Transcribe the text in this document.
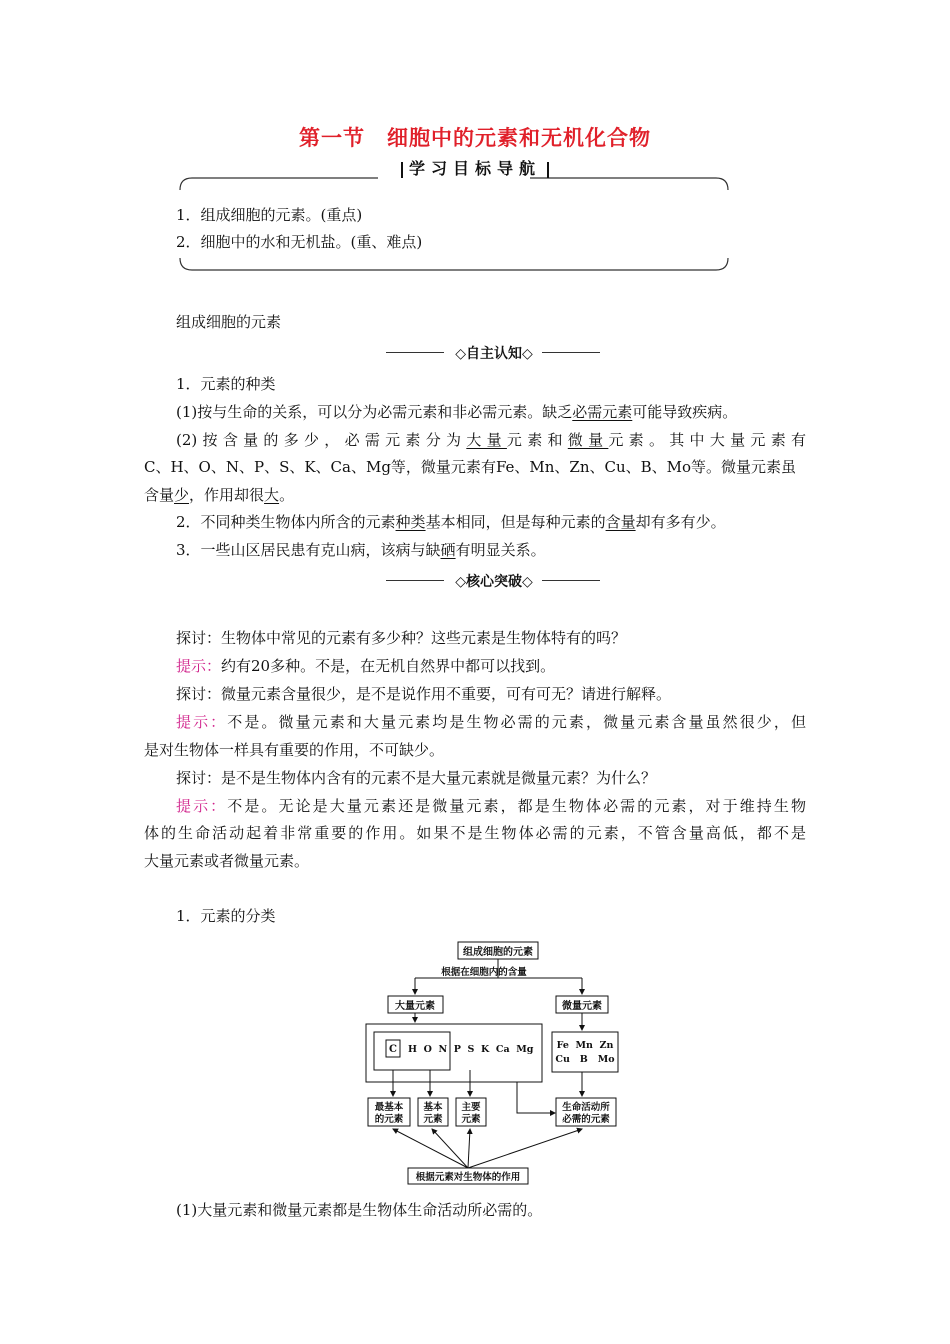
第一节 细胞中的元素和无机化合物
学习目标导航
1．组成细胞的元素。(重点)
2．细胞中的水和无机盐。(重、难点)
组成细胞的元素
◇自主认知◇
1．元素的种类
(1)按与生命的关系，可以分为必需元素和非必需元素。缺乏必需元素可能导致疾病。
(2)按含量的多少，必需元素分为大量元素和微量元素。其中大量元素有
C、H、O、N、P、S、K、Ca、Mg等，微量元素有Fe、Mn、Zn、Cu、B、Mo等。微量元素虽
含量少，作用却很大。
2．不同种类生物体内所含的元素种类基本相同，但是每种元素的含量却有多有少。
3．一些山区居民患有克山病，该病与缺硒有明显关系。
◇核心突破◇
探讨：生物体中常见的元素有多少种？这些元素是生物体特有的吗？
提示：约有20多种。不是，在无机自然界中都可以找到。
探讨：微量元素含量很少，是不是说作用不重要，可有可无？请进行解释。
提示：不是。微量元素和大量元素均是生物必需的元素，微量元素含量虽然很少，但
是对生物体一样具有重要的作用，不可缺少。
探讨：是不是生物体内含有的元素不是大量元素就是微量元素？为什么？
提示：不是。无论是大量元素还是微量元素，都是生物体必需的元素，对于维持生物
体的生命活动起着非常重要的作用。如果不是生物体必需的元素，不管含量高低，都不是
大量元素或者微量元素。
1．元素的分类
组成细胞的元素
根据在细胞内的含量
大量元素	微量元素
C H  O  N  P  S  K  Ca  Mg Fe  Mn  Zn
Cu   B   Mo
最基本
的元素
基本
元素
主要
元素
生命活动所
必需的元素
根据元素对生物体的作用
(1)大量元素和微量元素都是生物体生命活动所必需的。
